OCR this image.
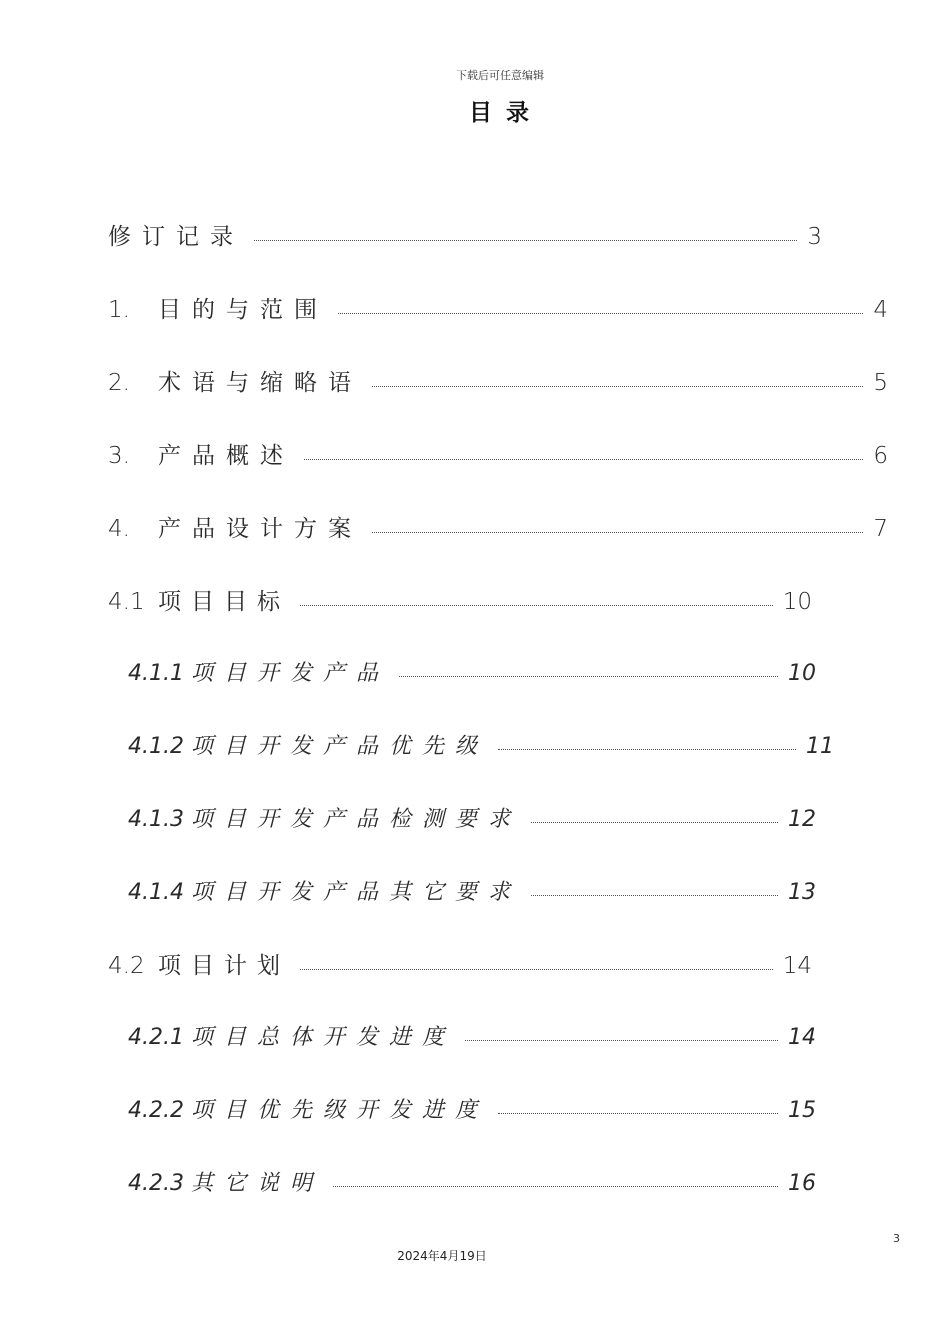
下载后可任意编辑
目录
修订记录	3
1.	目的与范围	4
2.	术语与缩略语	5
3.	产品概述	6
4.	产品设计方案	7
4.1 项目目标	10
4.1.1 项目开发产品	10
4.1.2 项目开发产品优先级	11
4.1.3 项目开发产品检测要求	12
4.1.4 项目开发产品其它要求	13
4.2 项目计划	14
4.2.1 项目总体开发进度	14
4.2.2 项目优先级开发进度	15
4.2.3 其它说明	16
3
2024年4月19日
